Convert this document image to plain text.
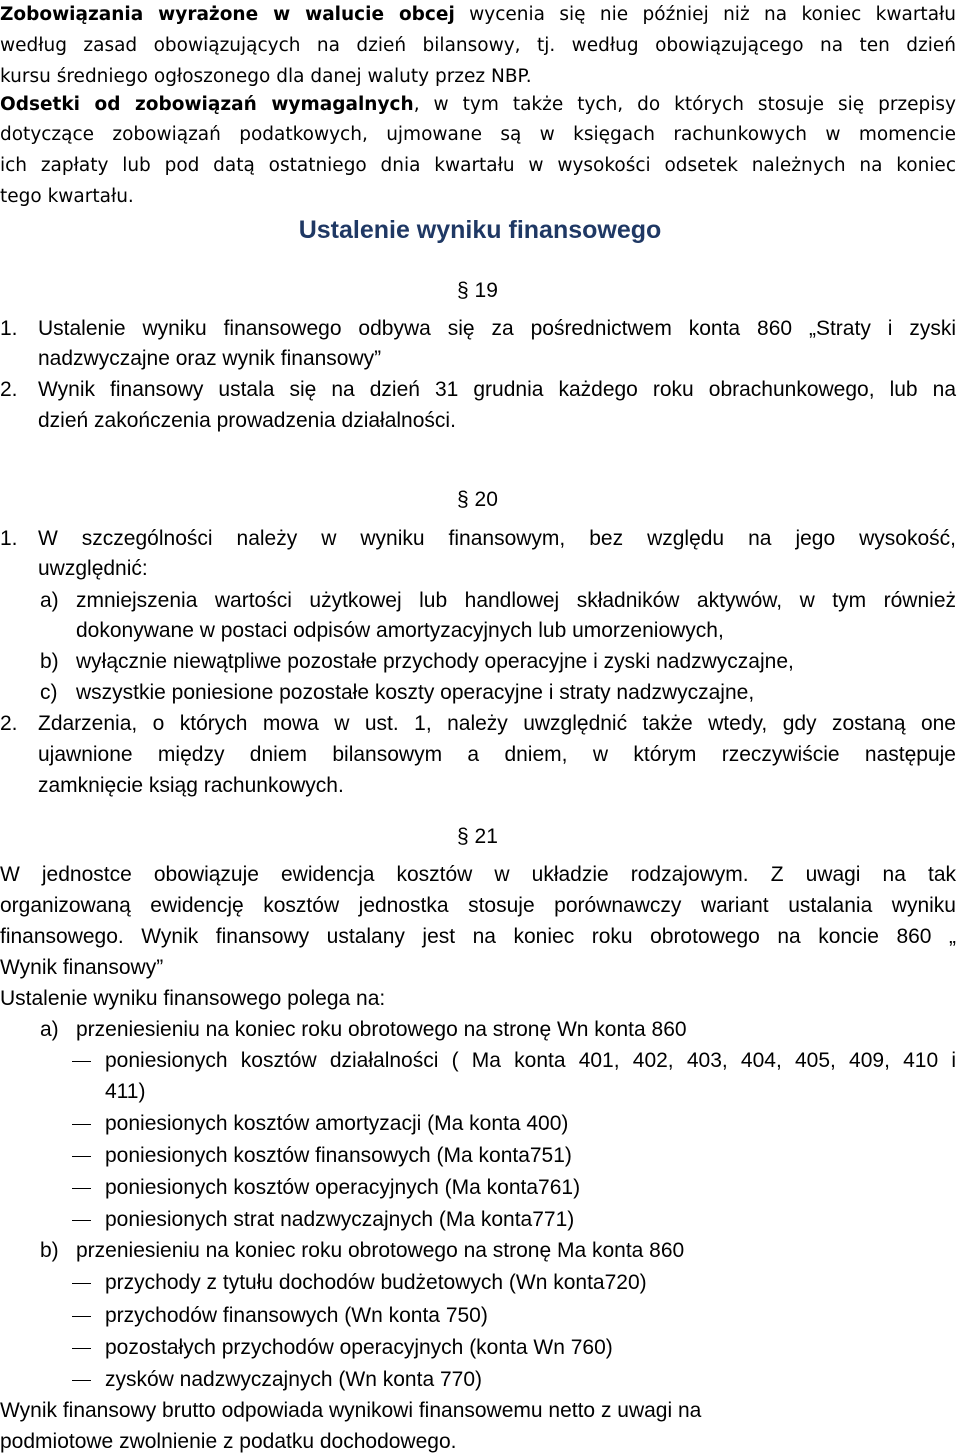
Zobowiązania wyrażone w walucie obcej wycenia się nie później niż na koniec kwartału
według zasad obowiązujących na dzień bilansowy, tj. według obowiązującego na ten dzień
kursu średniego ogłoszonego dla danej waluty przez NBP.
Odsetki od zobowiązań wymagalnych, w tym także tych, do których stosuje się przepisy
dotyczące zobowiązań podatkowych, ujmowane są w księgach rachunkowych w momencie
ich zapłaty lub pod datą ostatniego dnia kwartału w wysokości odsetek należnych na koniec
tego kwartału.
Ustalenie wyniku finansowego
§ 19
1. Ustalenie wyniku finansowego odbywa się za pośrednictwem konta 860 „Straty i zyski
nadzwyczajne oraz wynik finansowy”
2. Wynik finansowy ustala się na dzień 31 grudnia każdego roku obrachunkowego, lub na
dzień zakończenia prowadzenia działalności.
§ 20
1. W szczególności należy w wyniku finansowym, bez względu na jego wysokość,
uwzględnić:
a) zmniejszenia wartości użytkowej lub handlowej składników aktywów, w tym również
dokonywane w postaci odpisów amortyzacyjnych lub umorzeniowych,
b) wyłącznie niewątpliwe pozostałe przychody operacyjne i zyski nadzwyczajne,
c) wszystkie poniesione pozostałe koszty operacyjne i straty nadzwyczajne,
2. Zdarzenia, o których mowa w ust. 1, należy uwzględnić także wtedy, gdy zostaną one
ujawnione między dniem bilansowym a dniem, w którym rzeczywiście następuje
zamknięcie ksiąg rachunkowych.
§ 21
W jednostce obowiązuje ewidencja kosztów w układzie rodzajowym. Z uwagi na tak
organizowaną ewidencję kosztów jednostka stosuje porównawczy wariant ustalania wyniku
finansowego. Wynik finansowy ustalany jest na koniec roku obrotowego na koncie 860 „
Wynik finansowy”
Ustalenie wyniku finansowego polega na:
a) przeniesieniu na koniec roku obrotowego na stronę Wn konta 860
poniesionych kosztów działalności ( Ma konta 401, 402, 403, 404, 405, 409, 410 i
411)
poniesionych kosztów amortyzacji (Ma konta 400)
poniesionych kosztów finansowych (Ma konta751)
poniesionych kosztów operacyjnych (Ma konta761)
poniesionych strat nadzwyczajnych (Ma konta771)
b) przeniesieniu na koniec roku obrotowego na stronę Ma konta 860
przychody z tytułu dochodów budżetowych (Wn konta720)
przychodów finansowych (Wn konta 750)
pozostałych przychodów operacyjnych (konta Wn 760)
zysków nadzwyczajnych (Wn konta 770)
Wynik finansowy brutto odpowiada wynikowi finansowemu netto z uwagi na
podmiotowe zwolnienie z podatku dochodowego.
